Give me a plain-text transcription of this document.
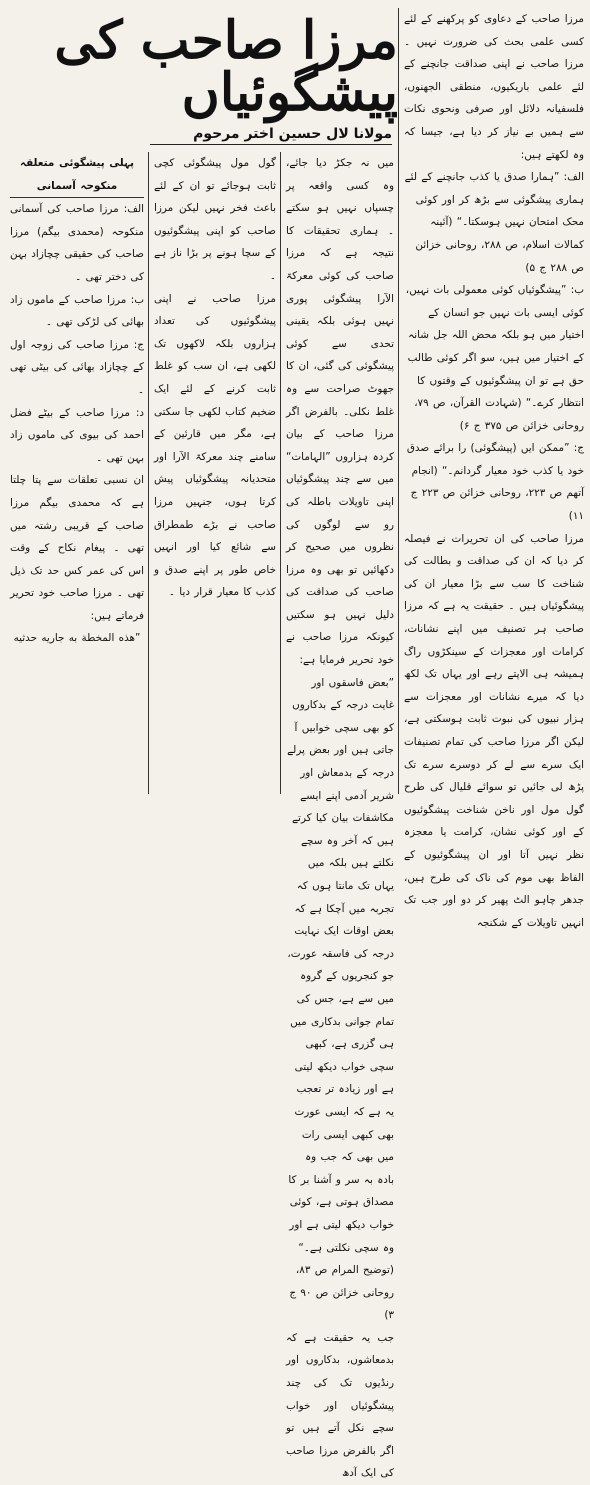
مرزا صاحب کی پیشگوئیاں
مولانا لال حسین اختر مرحوم

مرزا صاحب کے دعاوی کو پرکھنے کے لئے کسی علمی بحث کی ضرورت نہیں ۔ مرزا صاحب نے اپنی صداقت جانچنے کے لئے علمی باریکیوں، منطقی الجھنوں، فلسفیانہ دلائل اور صرفی ونحوی نکات سے ہمیں بے نیاز کر دیا ہے، جیسا کہ وہ لکھتے ہیں:

الف: ”ہمارا صدق یا کذب جانچنے کے لئے ہماری پیشگوئی سے بڑھ کر اور کوئی محک امتحان نہیں ہوسکتا۔“ (آئینہ کمالات اسلام، ص ۲۸۸، روحانی خزائن ص ۲۸۸ ج ۵)

ب: ”پیشگوئیاں کوئی معمولی بات نہیں، کوئی ایسی بات نہیں جو انسان کے اختیار میں ہو بلکہ محض اللہ جل شانہ کے اختیار میں ہیں، سو اگر کوئی طالب حق ہے تو ان پیشگوئیوں کے وقتوں کا انتظار کرے۔“ (شہادت القرآن، ص ۷۹، روحانی خزائن ص ۳۷۵ ج ۶)

ج: ”ممکن ایں (پیشگوئی) را برائے صدق خود یا کذب خود معیار گردانم۔“ (انجام آتھم ص ۲۲۳، روحانی خزائن ص ۲۲۳ ج ۱۱)

مرزا صاحب کی ان تحریرات نے فیصلہ کر دیا کہ ان کی صداقت و بطالت کی شناخت کا سب سے بڑا معیار ان کی پیشگوئیاں ہیں ۔ حقیقت یہ ہے کہ مرزا صاحب ہر تصنیف میں اپنے نشانات، کرامات اور معجزات کے سینکڑوں راگ ہمیشہ ہی الاپتے رہے اور یہاں تک لکھ دیا کہ میرے نشانات اور معجزات سے ہزار نبیوں کی نبوت ثابت ہوسکتی ہے، لیکن اگر مرزا صاحب کی تمام تصنیفات ایک سرے سے لے کر دوسرے سرے تک پڑھ لی جائیں تو سوائے قلیال کی طرح گول مول اور ناخن شناخت پیشگوئیوں کے اور کوئی نشان، کرامت یا معجزہ نظر نہیں آتا اور ان پیشگوئیوں کے الفاظ بھی موم کی ناک کی طرح ہیں، جدھر چاہو الٹ پھیر کر دو اور جب تک انہیں تاویلات کے شکنجہ

میں نہ جکڑ دیا جائے، وہ کسی واقعہ پر چسپاں نہیں ہو سکتے ۔ ہماری تحقیقات کا نتیجہ ہے کہ مرزا صاحب کی کوئی معرکۃ الآرا پیشگوئی پوری نہیں ہوئی بلکہ یقینی تحدی سے کوئی پیشگوئی کی گئی، ان کا جھوٹ صراحت سے وہ غلط نکلی۔ بالفرض اگر مرزا صاحب کے بیان کردہ ہزاروں ”الہامات“ میں سے چند پیشگوئیاں اپنی تاویلات باطلہ کی رو سے لوگوں کی نظروں میں صحیح کر دکھائیں تو بھی وہ مرزا صاحب کی صداقت کی دلیل نہیں ہو سکتیں کیونکہ مرزا صاحب نے خود تحریر فرمایا ہے:

”بعض فاسقوں اور غایت درجہ کے بدکاروں کو بھی سچی خوابیں آ جاتی ہیں اور بعض پرلے درجہ کے بدمعاش اور شریر آدمی اپنے ایسے مکاشفات بیان کیا کرتے ہیں کہ آخر وہ سچے نکلتے ہیں بلکہ میں یہاں تک مانتا ہوں کہ تجربہ میں آچکا ہے کہ بعض اوقات ایک نہایت درجہ کی فاسقہ عورت، جو کنجریوں کے گروہ میں سے ہے، جس کی تمام جوانی بدکاری میں ہی گزری ہے، کبھی سچی خواب دیکھ لیتی ہے اور زیادہ تر تعجب یہ ہے کہ ایسی عورت بھی کبھی ایسی رات میں بھی کہ جب وہ بادہ بہ سر و آشنا بر کا مصداق ہوتی ہے، کوئی خواب دیکھ لیتی ہے اور وہ سچی نکلتی ہے۔“ (توضیح المرام ص ۸۳، روحانی خزائن ص ۹۰ ج ۳)

جب یہ حقیقت ہے کہ بدمعاشوں، بدکاروں اور رنڈیوں تک کی چند پیشگوئیاں اور خواب سچے نکل آتے ہیں تو اگر بالفرض مرزا صاحب کی ایک آدھ

گول مول پیشگوئی کچی ثابت ہوجائے تو ان کے لئے باعث فخر نہیں لیکن مرزا صاحب کو اپنی پیشگوئیوں کے سچا ہونے پر بڑا ناز ہے ۔

مرزا صاحب نے اپنی پیشگوئیوں کی تعداد ہزاروں بلکہ لاکھوں تک لکھی ہے، ان سب کو غلط ثابت کرنے کے لئے ایک ضخیم کتاب لکھی جا سکتی ہے، مگر میں قارئین کے سامنے چند معرکۃ الآرا اور متحدیانہ پیشگوئیاں پیش کرتا ہوں، جنہیں مرزا صاحب نے بڑے طمطراق سے شائع کیا اور انہیں خاص طور پر اپنے صدق و کذب کا معیار قرار دیا ۔

پہلی پیشگوئی متعلقہ منکوحہ آسمانی

الف: مرزا صاحب کی آسمانی منکوحہ (محمدی بیگم) مرزا صاحب کی حقیقی چچازاد بہن کی دختر تھی ۔

ب: مرزا صاحب کے ماموں زاد بھائی کی لڑکی تھی ۔

ج: مرزا صاحب کی زوجہ اول کے چچازاد بھائی کی بیٹی تھی ۔

د: مرزا صاحب کے بیٹے فضل احمد کی بیوی کی ماموں زاد بہن تھی ۔

ان نسبی تعلقات سے پتا چلتا ہے کہ محمدی بیگم مرزا صاحب کے قریبی رشتہ میں تھی ۔ پیغام نکاح کے وقت اس کی عمر کس حد تک ذیل تھی ۔ مرزا صاحب خود تحریر فرماتے ہیں:

”هذه المخطة به جاریه حدثیه
